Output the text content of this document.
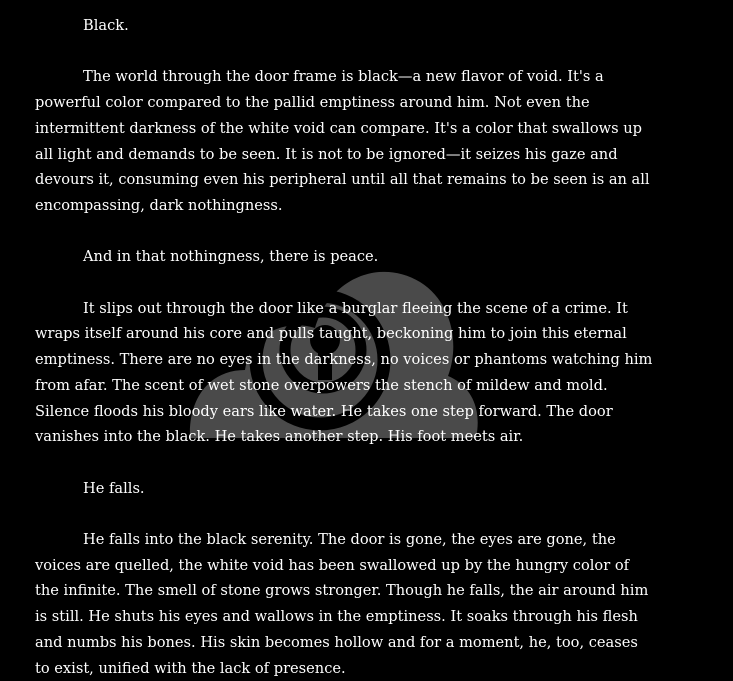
Black.

The world through the door frame is black—a new flavor of void. It's a powerful color compared to the pallid emptiness around him. Not even the intermittent darkness of the white void can compare. It's a color that swallows up all light and demands to be seen. It is not to be ignored—it seizes his gaze and devours it, consuming even his peripheral until all that remains to be seen is an all encompassing, dark nothingness.

And in that nothingness, there is peace.

It slips out through the door like a burglar fleeing the scene of a crime. It wraps itself around his core and pulls taught, beckoning him to join this eternal emptiness. There are no eyes in the darkness, no voices or phantoms watching him from afar. The scent of wet stone overpowers the stench of mildew and mold. Silence floods his bloody ears like water. He takes one step forward. The door vanishes into the black. He takes another step. His foot meets air.

He falls.

He falls into the black serenity. The door is gone, the eyes are gone, the voices are quelled, the white void has been swallowed up by the hungry color of the infinite. The smell of stone grows stronger. Though he falls, the air around him is still. He shuts his eyes and wallows in the emptiness. It soaks through his flesh and numbs his bones. His skin becomes hollow and for a moment, he, too, ceases to exist, unified with the lack of presence.
